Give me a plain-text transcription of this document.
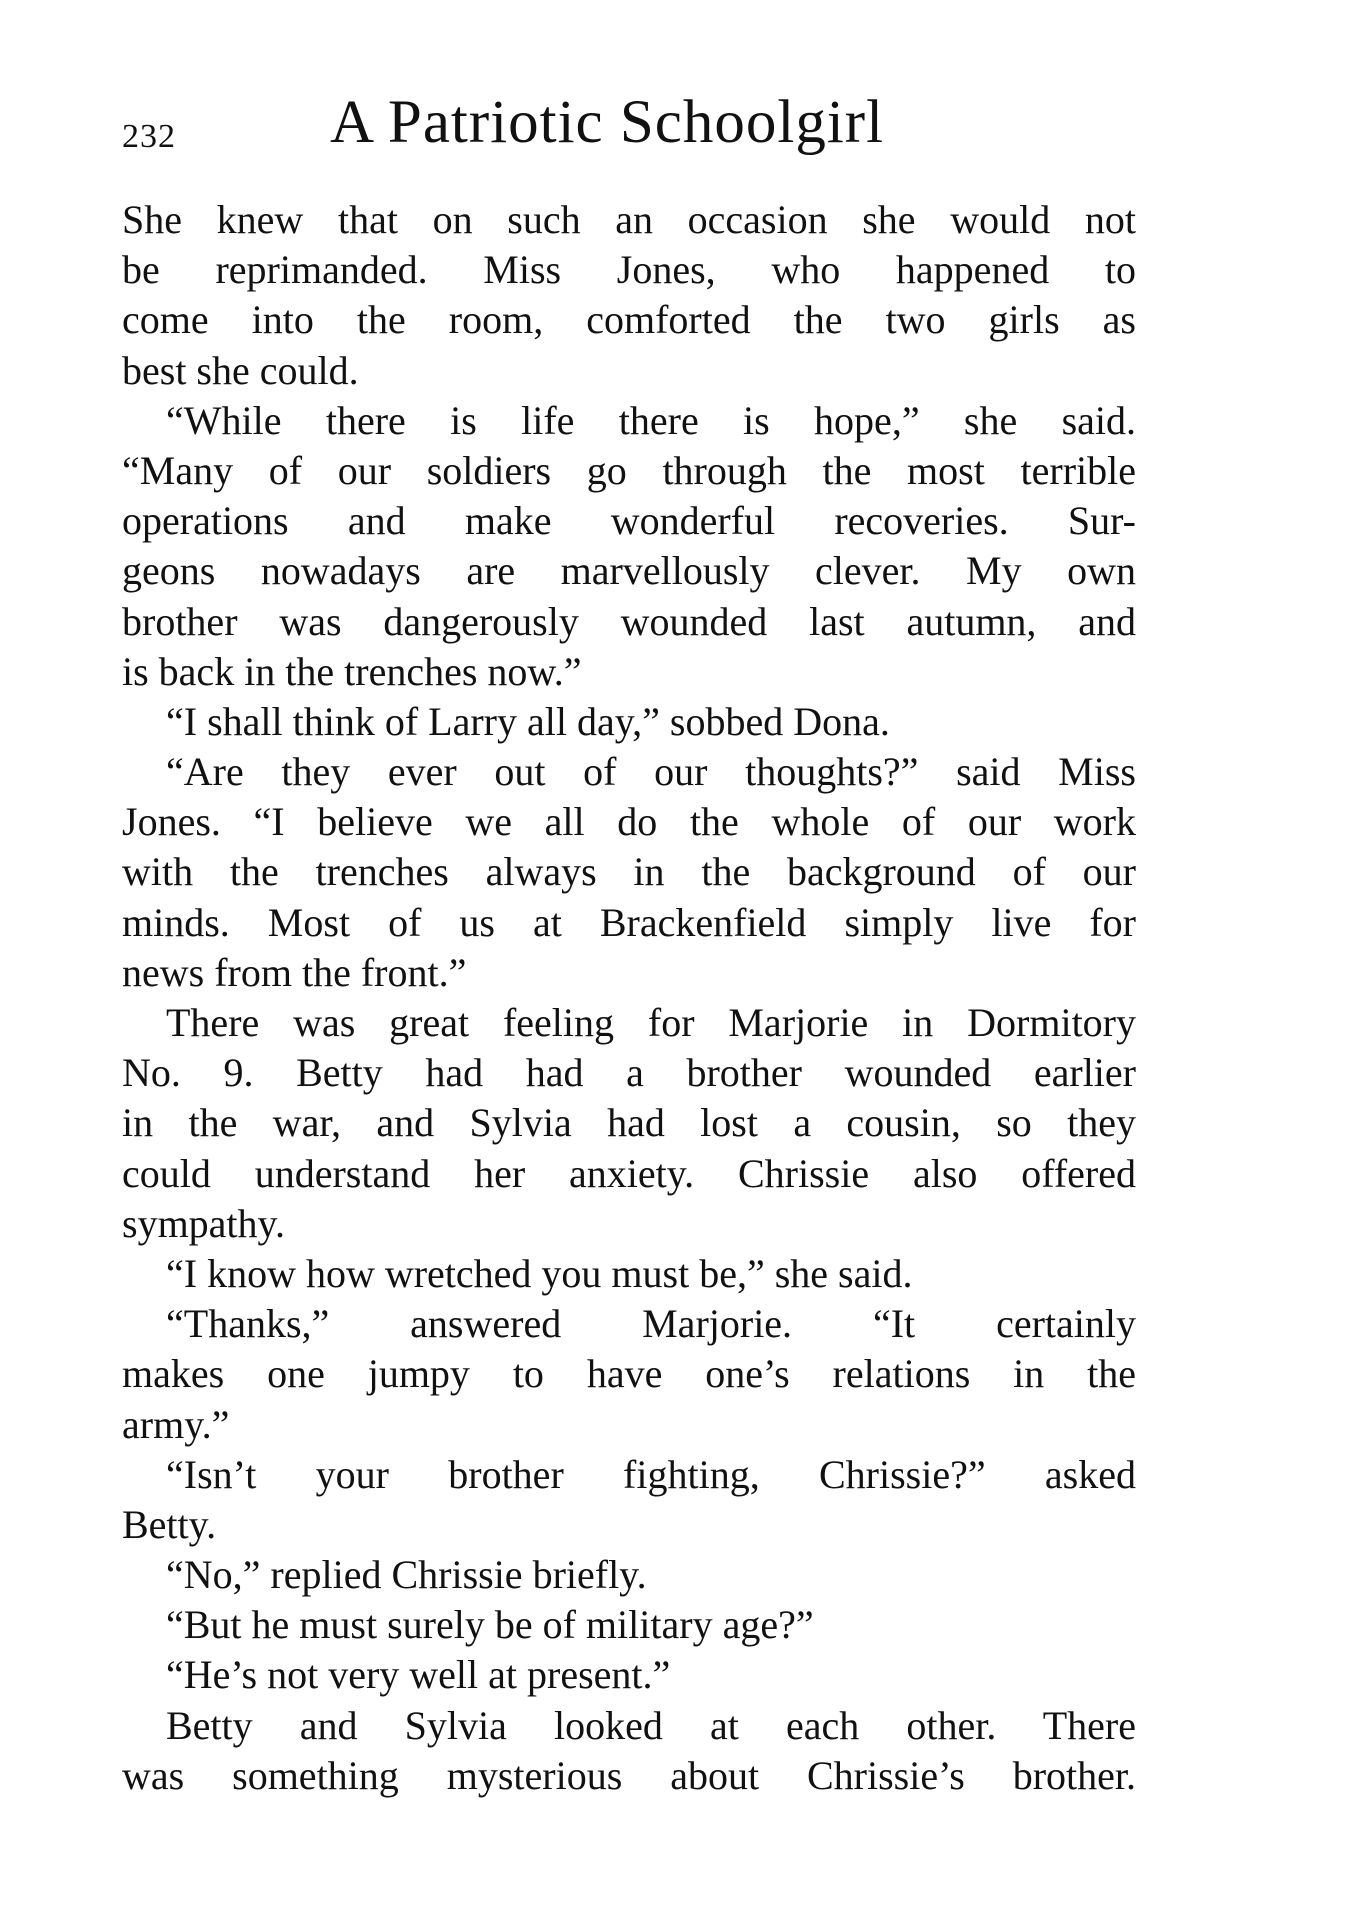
232	A Patriotic Schoolgirl
She knew that on such an occasion she would not
be reprimanded. Miss Jones, who happened to
come into the room, comforted the two girls as
best she could.
“While there is life there is hope,” she said.
“Many of our soldiers go through the most terrible
operations and make wonderful recoveries. Sur-
geons nowadays are marvellously clever. My own
brother was dangerously wounded last autumn, and
is back in the trenches now.”
“I shall think of Larry all day,” sobbed Dona.
“Are they ever out of our thoughts?” said Miss
Jones. “I believe we all do the whole of our work
with the trenches always in the background of our
minds. Most of us at Brackenfield simply live for
news from the front.”
There was great feeling for Marjorie in Dormitory
No. 9. Betty had had a brother wounded earlier
in the war, and Sylvia had lost a cousin, so they
could understand her anxiety. Chrissie also offered
sympathy.
“I know how wretched you must be,” she said.
“Thanks,” answered Marjorie. “It certainly
makes one jumpy to have one’s relations in the
army.”
“Isn’t your brother fighting, Chrissie?” asked
Betty.
“No,” replied Chrissie briefly.
“But he must surely be of military age?”
“He’s not very well at present.”
Betty and Sylvia looked at each other. There
was something mysterious about Chrissie’s brother.
